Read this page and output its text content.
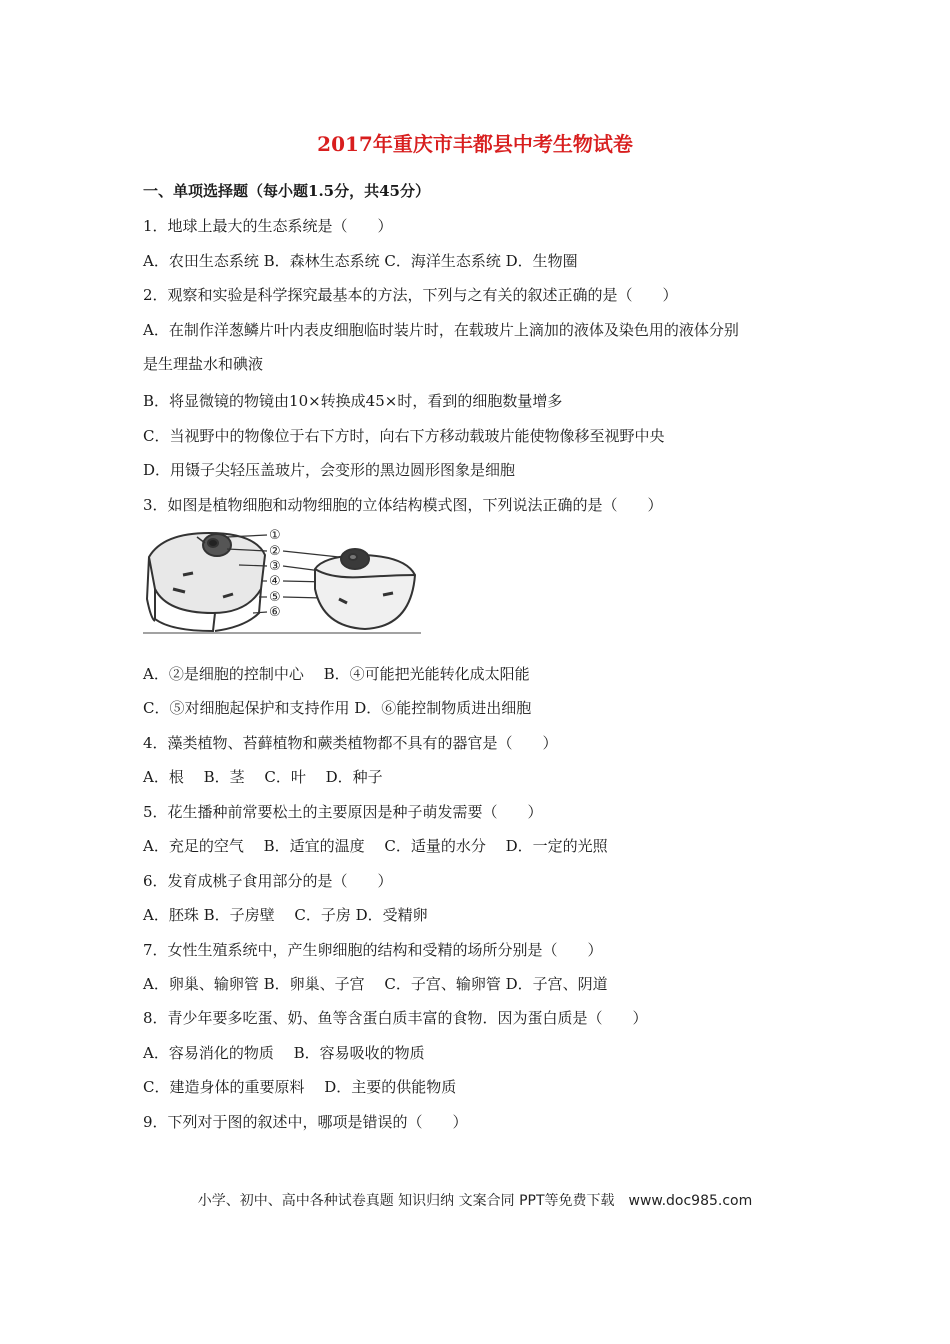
2017年重庆市丰都县中考生物试卷
一、单项选择题（每小题1.5分，共45分）
1．地球上最大的生态系统是（　　）
A．农田生态系统 B．森林生态系统 C．海洋生态系统 D．生物圈
2．观察和实验是科学探究最基本的方法，下列与之有关的叙述正确的是（　　）
A．在制作洋葱鳞片叶内表皮细胞临时装片时，在载玻片上滴加的液体及染色用的液体分别
是生理盐水和碘液
B．将显微镜的物镜由10×转换成45×时，看到的细胞数量增多
C．当视野中的物像位于右下方时，向右下方移动载玻片能使物像移至视野中央
D．用镊子尖轻压盖玻片，会变形的黑边圆形图象是细胞
3．如图是植物细胞和动物细胞的立体结构模式图，下列说法正确的是（　　）
①
②
③
④
⑤
⑥
A．②是细胞的控制中心　 B．④可能把光能转化成太阳能
C．⑤对细胞起保护和支持作用 D．⑥能控制物质进出细胞
4．藻类植物、苔藓植物和蕨类植物都不具有的器官是（　　）
A．根　 B．茎　 C．叶　 D．种子
5．花生播种前常要松土的主要原因是种子萌发需要（　　）
A．充足的空气　 B．适宜的温度　 C．适量的水分　 D．一定的光照
6．发育成桃子食用部分的是（　　）
A．胚珠 B．子房壁　 C．子房 D．受精卵
7．女性生殖系统中，产生卵细胞的结构和受精的场所分别是（　　）
A．卵巢、输卵管 B．卵巢、子宫　 C．子宫、输卵管 D．子宫、阴道
8．青少年要多吃蛋、奶、鱼等含蛋白质丰富的食物．因为蛋白质是（　　）
A．容易消化的物质　 B．容易吸收的物质
C．建造身体的重要原料　 D．主要的供能物质
9．下列对于图的叙述中，哪项是错误的（　　）
小学、初中、高中各种试卷真题 知识归纳 文案合同 PPT等免费下载　www.doc985.com
